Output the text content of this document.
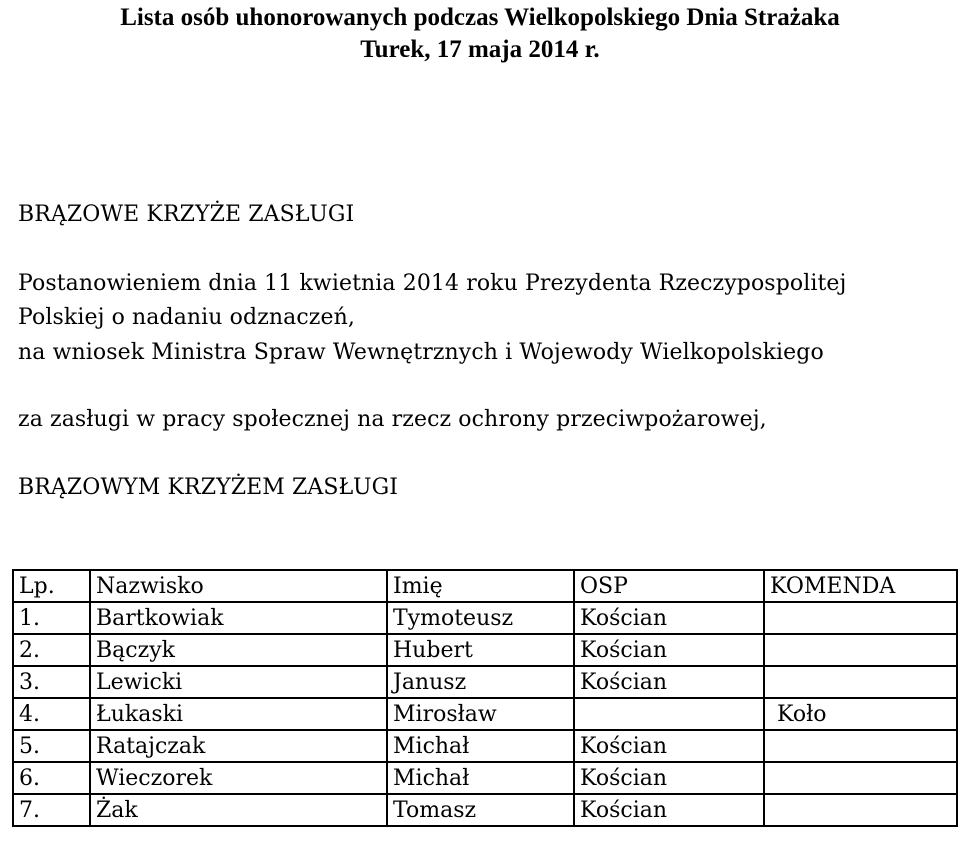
Lista osób uhonorowanych podczas Wielkopolskiego Dnia Strażaka
Turek, 17 maja 2014 r.
BRĄZOWE KRZYŻE ZASŁUGI
Postanowieniem dnia 11 kwietnia 2014 roku Prezydenta Rzeczypospolitej
Polskiej o nadaniu odznaczeń,
na wniosek Ministra Spraw Wewnętrznych i Wojewody Wielkopolskiego
za zasługi w pracy społecznej na rzecz ochrony przeciwpożarowej,
BRĄZOWYM KRZYŻEM ZASŁUGI
Lp.	Nazwisko	Imię	OSP	KOMENDA
1.	Bartkowiak	Tymoteusz	Kościan	
2.	Bączyk	Hubert	Kościan	
3.	Lewicki	Janusz	Kościan	
4.	Łukaski	Mirosław		Koło
5.	Ratajczak	Michał	Kościan	
6.	Wieczorek	Michał	Kościan	
7.	Żak	Tomasz	Kościan	
